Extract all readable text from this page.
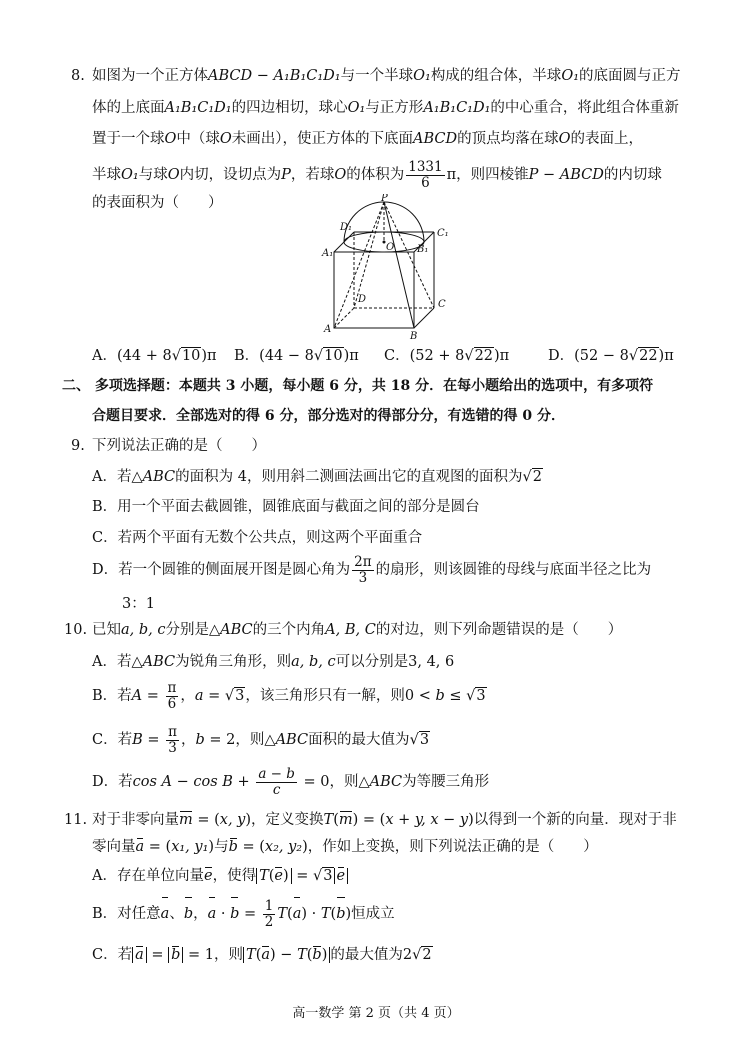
8. 如图为一个正方体ABCD − A₁B₁C₁D₁与一个半球O₁构成的组合体，半球O₁的底面圆与正方
体的上底面A₁B₁C₁D₁的四边相切，球心O₁与正方形A₁B₁C₁D₁的中心重合，将此组合体重新
置于一个球O中（球O未画出），使正方体的下底面ABCD的顶点均落在球O的表面上，
半球O₁与球O内切，设切点为P，若球O的体积为 $\frac{1331}{6}$ π，则四棱锥P − ABCD的内切球
的表面积为（　　）	P
D₁
O
C₁
A₁	B₁
D	C
A
B
A．(44 + 8√10)π B．(44 − 8√10)π C．(52 + 8√22)π	D．(52 − 8√22)π
二、 多项选择题：本题共 3 小题，每小题 6 分，共 18 分．在每小题给出的选项中，有多项符
合题目要求．全部选对的得 6 分，部分选对的得部分分，有选错的得 0 分．
9. 下列说法正确的是（　　）
A．若△ABC的面积为 4，则用斜二测画法画出它的直观图的面积为√2
B．用一个平面去截圆锥，圆锥底面与截面之间的部分是圆台
C．若两个平面有无数个公共点，则这两个平面重合
D．若一个圆锥的侧面展开图是圆心角为 $\frac{2\pi}{3}$ 的扇形，则该圆锥的母线与底面半径之比为
3：1
10. 已知a, b, c分别是△ABC的三个内角A, B, C的对边，则下列命题错误的是（　　）
A．若△ABC为锐角三角形，则a, b, c可以分别是3, 4, 6
B．若$A = \frac{\pi}{6}$ ，a = √3，该三角形只有一解，则0 < b ≤ √3
C．若$B = \frac{\pi}{3}$ ，b = 2，则△ABC面积的最大值为√3
D．若$\cos A - \cos B + \frac{a - b}{c} = 0$，则△ABC为等腰三角形
11. 对于非零向量m = (x, y)，定义变换T(m) = (x + y, x − y)以得到一个新的向量．现对于非
零向量a = (x₁, y₁)与b = (x₂, y₂)，作如上变换，则下列说法正确的是（　　）
A．存在单位向量e，使得 T(e) = √3 e
B．对任意a、b，$a \cdot b = \frac{1}{2} T(a) \cdot T(b)$恒成立
C．若 a = b = 1，则 T(a) − T(b) 的最大值为2√2
高一数学 第 2 页（共 4 页）
